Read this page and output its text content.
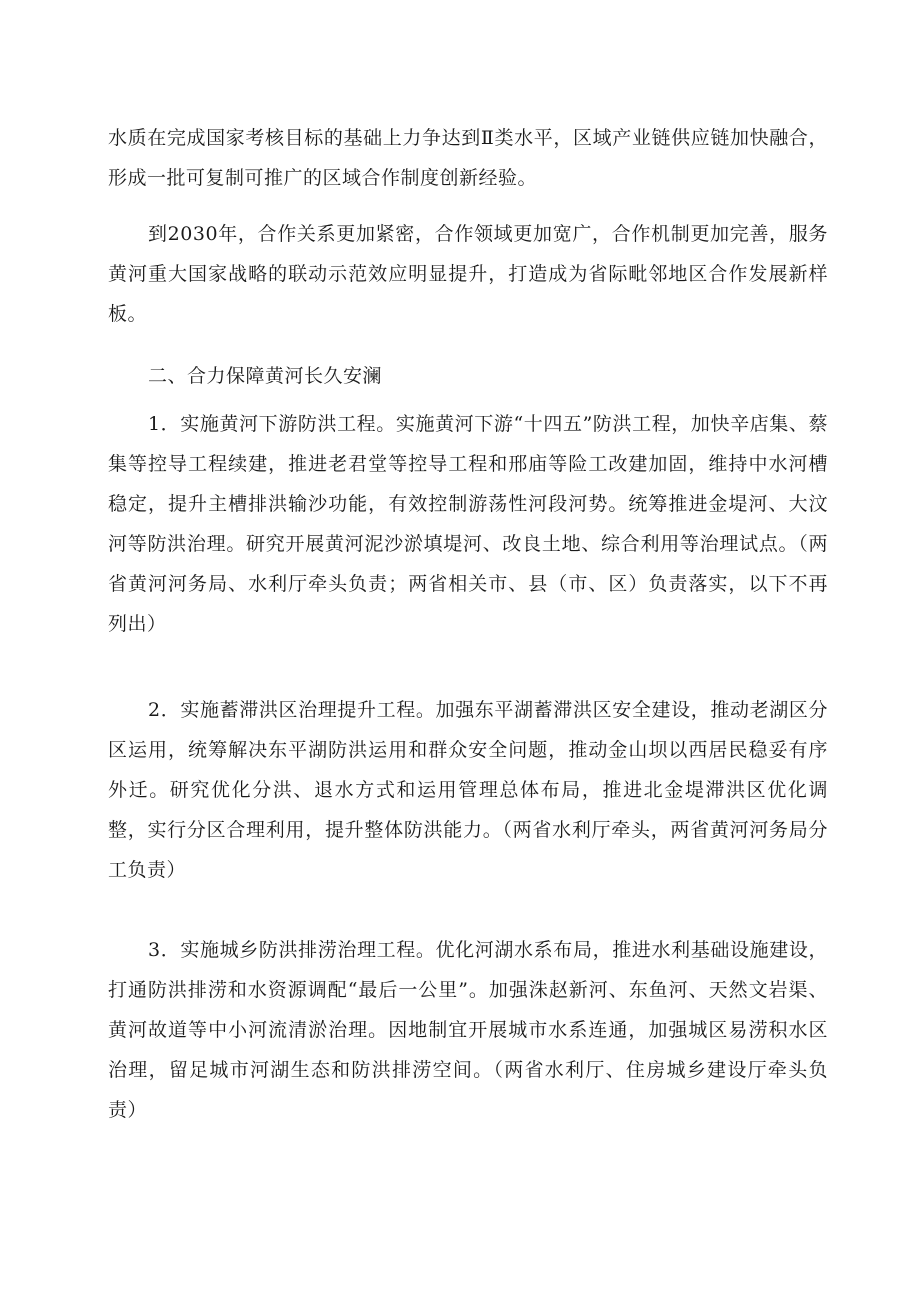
水质在完成国家考核目标的基础上力争达到Ⅱ类水平，区域产业链供应链加快融合，形成一批可复制可推广的区域合作制度创新经验。

到2030年，合作关系更加紧密，合作领域更加宽广，合作机制更加完善，服务黄河重大国家战略的联动示范效应明显提升，打造成为省际毗邻地区合作发展新样板。

二、合力保障黄河长久安澜

1．实施黄河下游防洪工程。实施黄河下游“十四五”防洪工程，加快辛店集、蔡集等控导工程续建，推进老君堂等控导工程和邢庙等险工改建加固，维持中水河槽稳定，提升主槽排洪输沙功能，有效控制游荡性河段河势。统筹推进金堤河、大汶河等防洪治理。研究开展黄河泥沙淤填堤河、改良土地、综合利用等治理试点。（两省黄河河务局、水利厅牵头负责；两省相关市、县（市、区）负责落实，以下不再列出）

2．实施蓄滞洪区治理提升工程。加强东平湖蓄滞洪区安全建设，推动老湖区分区运用，统筹解决东平湖防洪运用和群众安全问题，推动金山坝以西居民稳妥有序外迁。研究优化分洪、退水方式和运用管理总体布局，推进北金堤滞洪区优化调整，实行分区合理利用，提升整体防洪能力。（两省水利厅牵头，两省黄河河务局分工负责）

3．实施城乡防洪排涝治理工程。优化河湖水系布局，推进水利基础设施建设，打通防洪排涝和水资源调配“最后一公里”。加强洙赵新河、东鱼河、天然文岩渠、黄河故道等中小河流清淤治理。因地制宜开展城市水系连通，加强城区易涝积水区治理，留足城市河湖生态和防洪排涝空间。（两省水利厅、住房城乡建设厅牵头负责）
